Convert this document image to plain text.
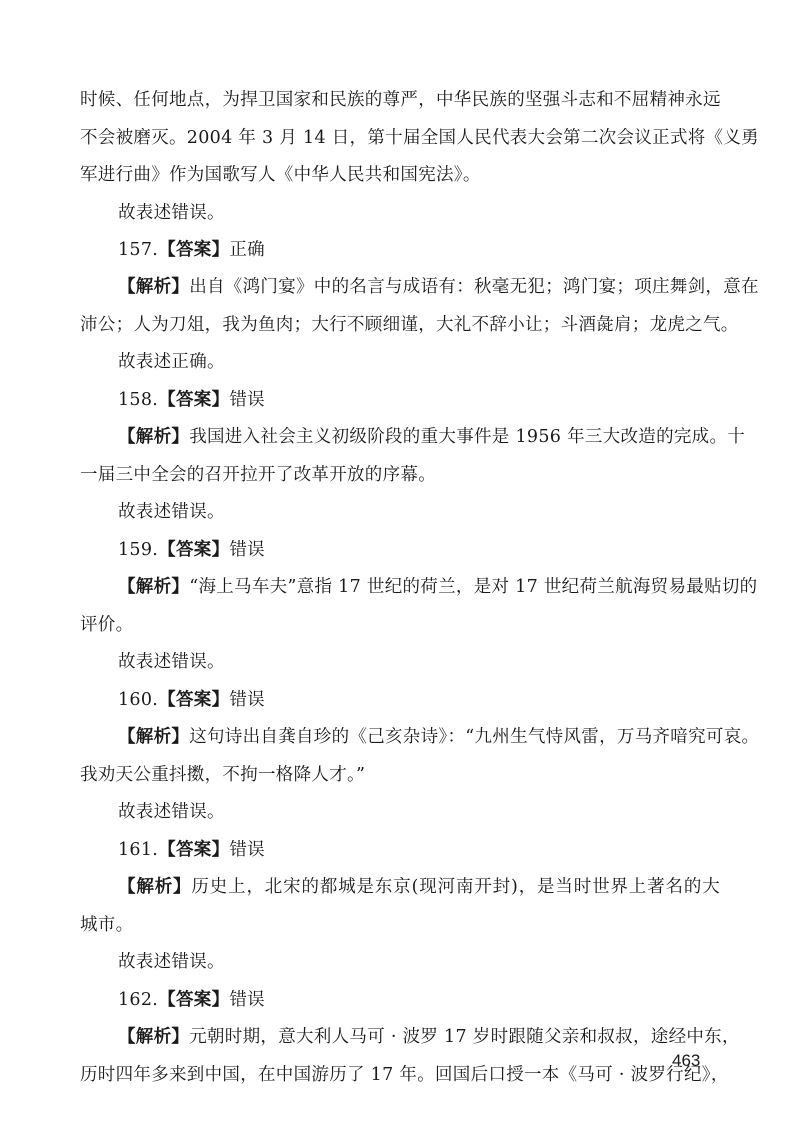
时候、任何地点，为捍卫国家和民族的尊严，中华民族的坚强斗志和不屈精神永远
不会被磨灭。2004 年 3 月 14 日，第十届全国人民代表大会第二次会议正式将《义勇
军进行曲》作为国歌写人《中华人民共和国宪法》。
故表述错误。
157.【答案】正确
【解析】出自《鸿门宴》中的名言与成语有：秋毫无犯；鸿门宴；项庄舞剑，意在
沛公；人为刀俎，我为鱼肉；大行不顾细谨，大礼不辞小让；斗酒彘肩；龙虎之气。
故表述正确。
158.【答案】错误
【解析】我国进入社会主义初级阶段的重大事件是 1956 年三大改造的完成。十
一届三中全会的召开拉开了改革开放的序幕。
故表述错误。
159.【答案】错误
【解析】“海上马车夫”意指 17 世纪的荷兰，是对 17 世纪荷兰航海贸易最贴切的
评价。
故表述错误。
160.【答案】错误
【解析】这句诗出自龚自珍的《己亥杂诗》：“九州生气恃风雷，万马齐喑究可哀。
我劝天公重抖擞，不拘一格降人才。”
故表述错误。
161.【答案】错误
【解析】历史上，北宋的都城是东京(现河南开封)，是当时世界上著名的大
城市。
故表述错误。
162.【答案】错误
【解析】元朝时期，意大利人马可 · 波罗 17 岁时跟随父亲和叔叔，途经中东，
历时四年多来到中国，在中国游历了 17 年。回国后口授一本《马可 · 波罗行纪》，
463
